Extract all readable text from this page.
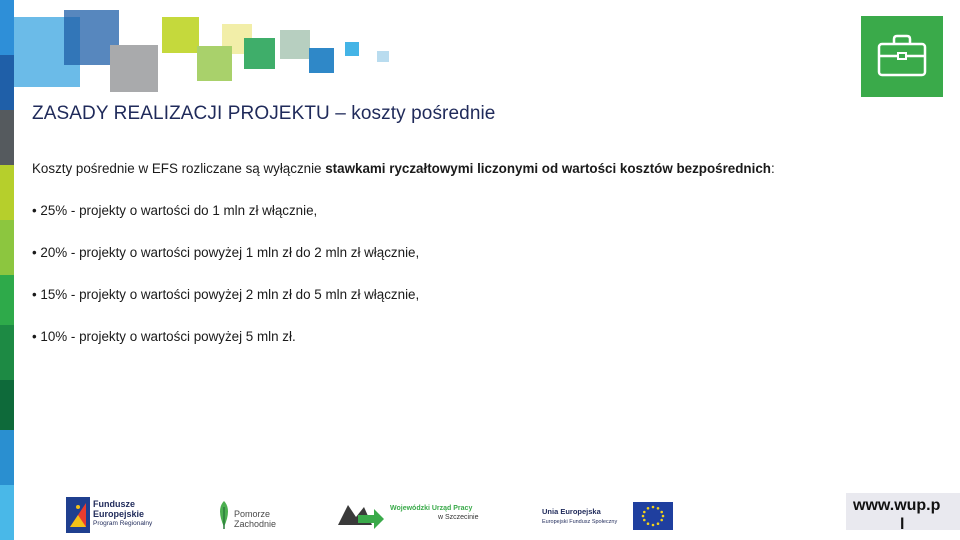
ZASADY REALIZACJI PROJEKTU – koszty pośrednie
Koszty pośrednie w EFS rozliczane są wyłącznie stawkami ryczałtowymi liczonymi od wartości kosztów bezpośrednich:
• 25% - projekty o wartości do 1 mln zł włącznie,
• 20% - projekty o wartości powyżej 1 mln zł do 2 mln zł włącznie,
• 15% - projekty o wartości powyżej 2 mln zł do 5 mln zł włącznie,
• 10% - projekty o wartości powyżej 5 mln zł.
Fundusze
Europejskie
Program Regionalny
Pomorze
Zachodnie
Wojewódzki Urząd Pracy
w Szczecinie
Unia Europejska
Europejski Fundusz Społeczny
www.wup.p
l
